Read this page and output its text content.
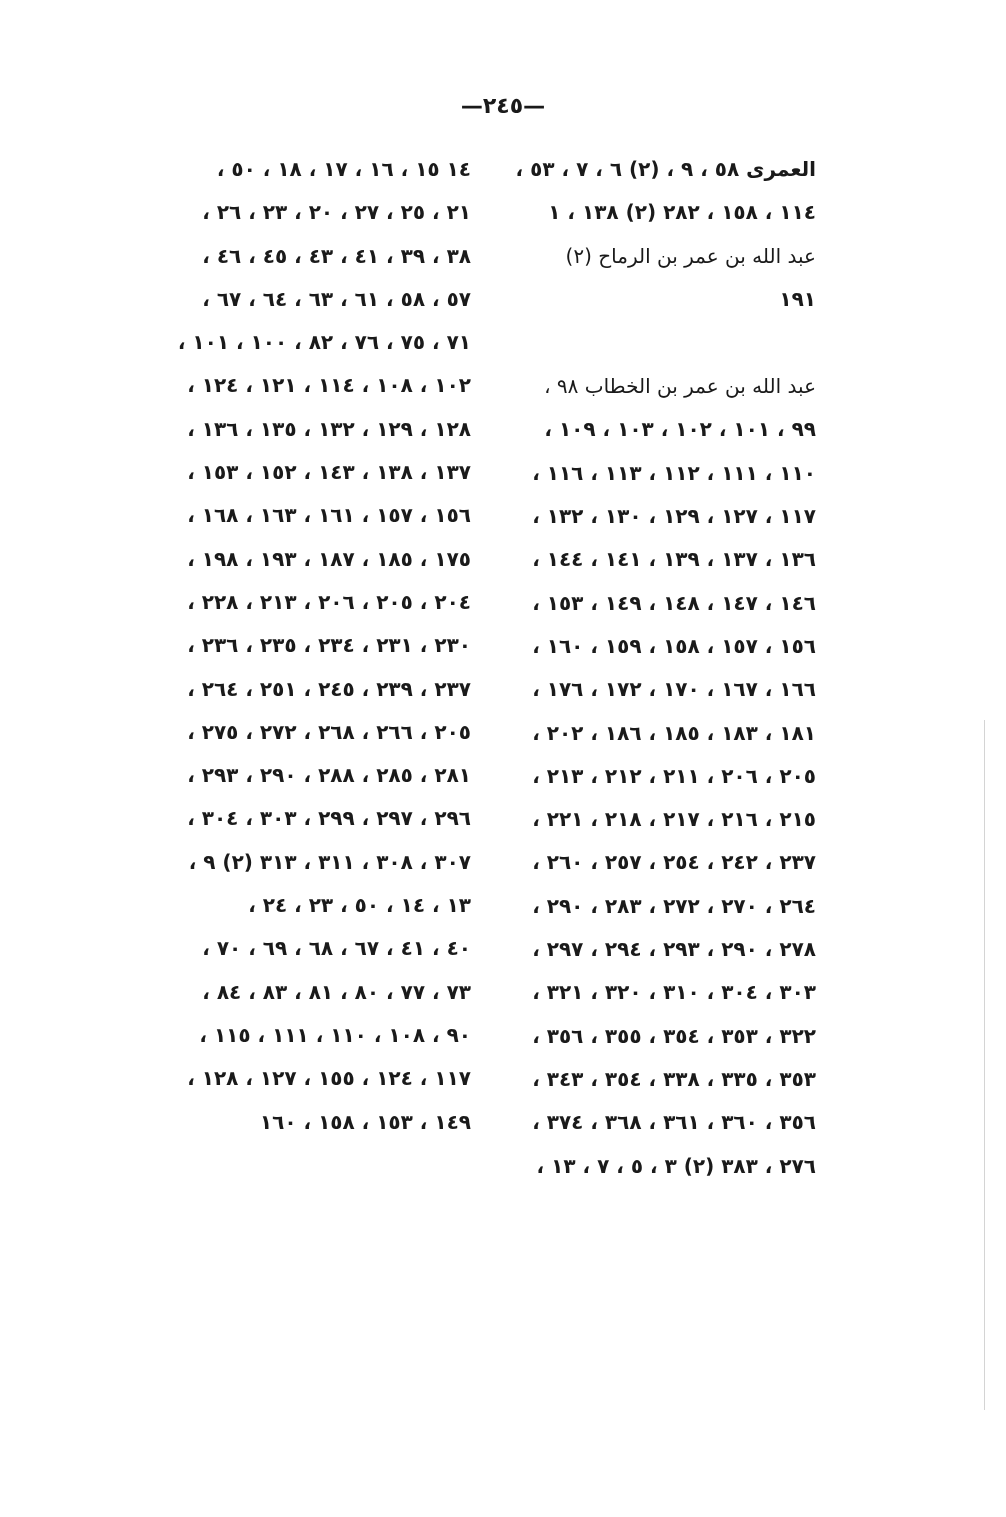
—٢٤٥—
العمرى ٥٨ ، ٩ ، (٢) ٦ ، ٧ ، ٥٣ ،
١١٤ ، ١٥٨ ، ٢٨٢ (٢) ١٣٨ ، ١
عبد الله بن عمر بن الرماح (٢)
١٩١
عبد الله بن عمر بن الخطاب ٩٨ ،
٩٩ ، ١٠١ ، ١٠٢ ، ١٠٣ ، ١٠٩ ،
١١٠ ، ١١١ ، ١١٢ ، ١١٣ ، ١١٦ ،
١١٧ ، ١٢٧ ، ١٢٩ ، ١٣٠ ، ١٣٢ ،
١٣٦ ، ١٣٧ ، ١٣٩ ، ١٤١ ، ١٤٤ ،
١٤٦ ، ١٤٧ ، ١٤٨ ، ١٤٩ ، ١٥٣ ،
١٥٦ ، ١٥٧ ، ١٥٨ ، ١٥٩ ، ١٦٠ ،
١٦٦ ، ١٦٧ ، ١٧٠ ، ١٧٢ ، ١٧٦ ،
١٨١ ، ١٨٣ ، ١٨٥ ، ١٨٦ ، ٢٠٢ ،
٢٠٥ ، ٢٠٦ ، ٢١١ ، ٢١٢ ، ٢١٣ ،
٢١٥ ، ٢١٦ ، ٢١٧ ، ٢١٨ ، ٢٢١ ،
٢٣٧ ، ٢٤٢ ، ٢٥٤ ، ٢٥٧ ، ٢٦٠ ،
٢٦٤ ، ٢٧٠ ، ٢٧٢ ، ٢٨٣ ، ٢٩٠ ،
٢٧٨ ، ٢٩٠ ، ٢٩٣ ، ٢٩٤ ، ٢٩٧ ،
٣٠٣ ، ٣٠٤ ، ٣١٠ ، ٣٢٠ ، ٣٢١ ،
٣٢٢ ، ٣٥٣ ، ٣٥٤ ، ٣٥٥ ، ٣٥٦ ،
٣٥٣ ، ٣٣٥ ، ٣٣٨ ، ٣٥٤ ، ٣٤٣ ،
٣٥٦ ، ٣٦٠ ، ٣٦١ ، ٣٦٨ ، ٣٧٤ ،
٢٧٦ ، ٣٨٣ (٢) ٣ ، ٥ ، ٧ ، ١٣ ،
١٤ ١٥ ، ١٦ ، ١٧ ، ١٨ ، ٥٠ ،
٢١ ، ٢٥ ، ٢٧ ، ٢٠ ، ٢٣ ، ٢٦ ،
٣٨ ، ٣٩ ، ٤١ ، ٤٣ ، ٤٥ ، ٤٦ ،
٥٧ ، ٥٨ ، ٦١ ، ٦٣ ، ٦٤ ، ٦٧ ،
٧١ ، ٧٥ ، ٧٦ ، ٨٢ ، ١٠٠ ، ١٠١ ،
١٠٢ ، ١٠٨ ، ١١٤ ، ١٢١ ، ١٢٤ ،
١٢٨ ، ١٢٩ ، ١٣٢ ، ١٣٥ ، ١٣٦ ،
١٣٧ ، ١٣٨ ، ١٤٣ ، ١٥٢ ، ١٥٣ ،
١٥٦ ، ١٥٧ ، ١٦١ ، ١٦٣ ، ١٦٨ ،
١٧٥ ، ١٨٥ ، ١٨٧ ، ١٩٣ ، ١٩٨ ،
٢٠٤ ، ٢٠٥ ، ٢٠٦ ، ٢١٣ ، ٢٢٨ ،
٢٣٠ ، ٢٣١ ، ٢٣٤ ، ٢٣٥ ، ٢٣٦ ،
٢٣٧ ، ٢٣٩ ، ٢٤٥ ، ٢٥١ ، ٢٦٤ ،
٢٠٥ ، ٢٦٦ ، ٢٦٨ ، ٢٧٢ ، ٢٧٥ ،
٢٨١ ، ٢٨٥ ، ٢٨٨ ، ٢٩٠ ، ٢٩٣ ،
٢٩٦ ، ٢٩٧ ، ٢٩٩ ، ٣٠٣ ، ٣٠٤ ،
٣٠٧ ، ٣٠٨ ، ٣١١ ، ٣١٣ (٢) ٩ ،
١٣ ، ١٤ ، ٥٠ ، ٢٣ ، ٢٤ ،
٤٠ ، ٤١ ، ٦٧ ، ٦٨ ، ٦٩ ، ٧٠ ،
٧٣ ، ٧٧ ، ٨٠ ، ٨١ ، ٨٣ ، ٨٤ ،
٩٠ ، ١٠٨ ، ١١٠ ، ١١١ ، ١١٥ ،
١١٧ ، ١٢٤ ، ١٥٥ ، ١٢٧ ، ١٢٨ ،
١٤٩ ، ١٥٣ ، ١٥٨ ، ١٦٠
